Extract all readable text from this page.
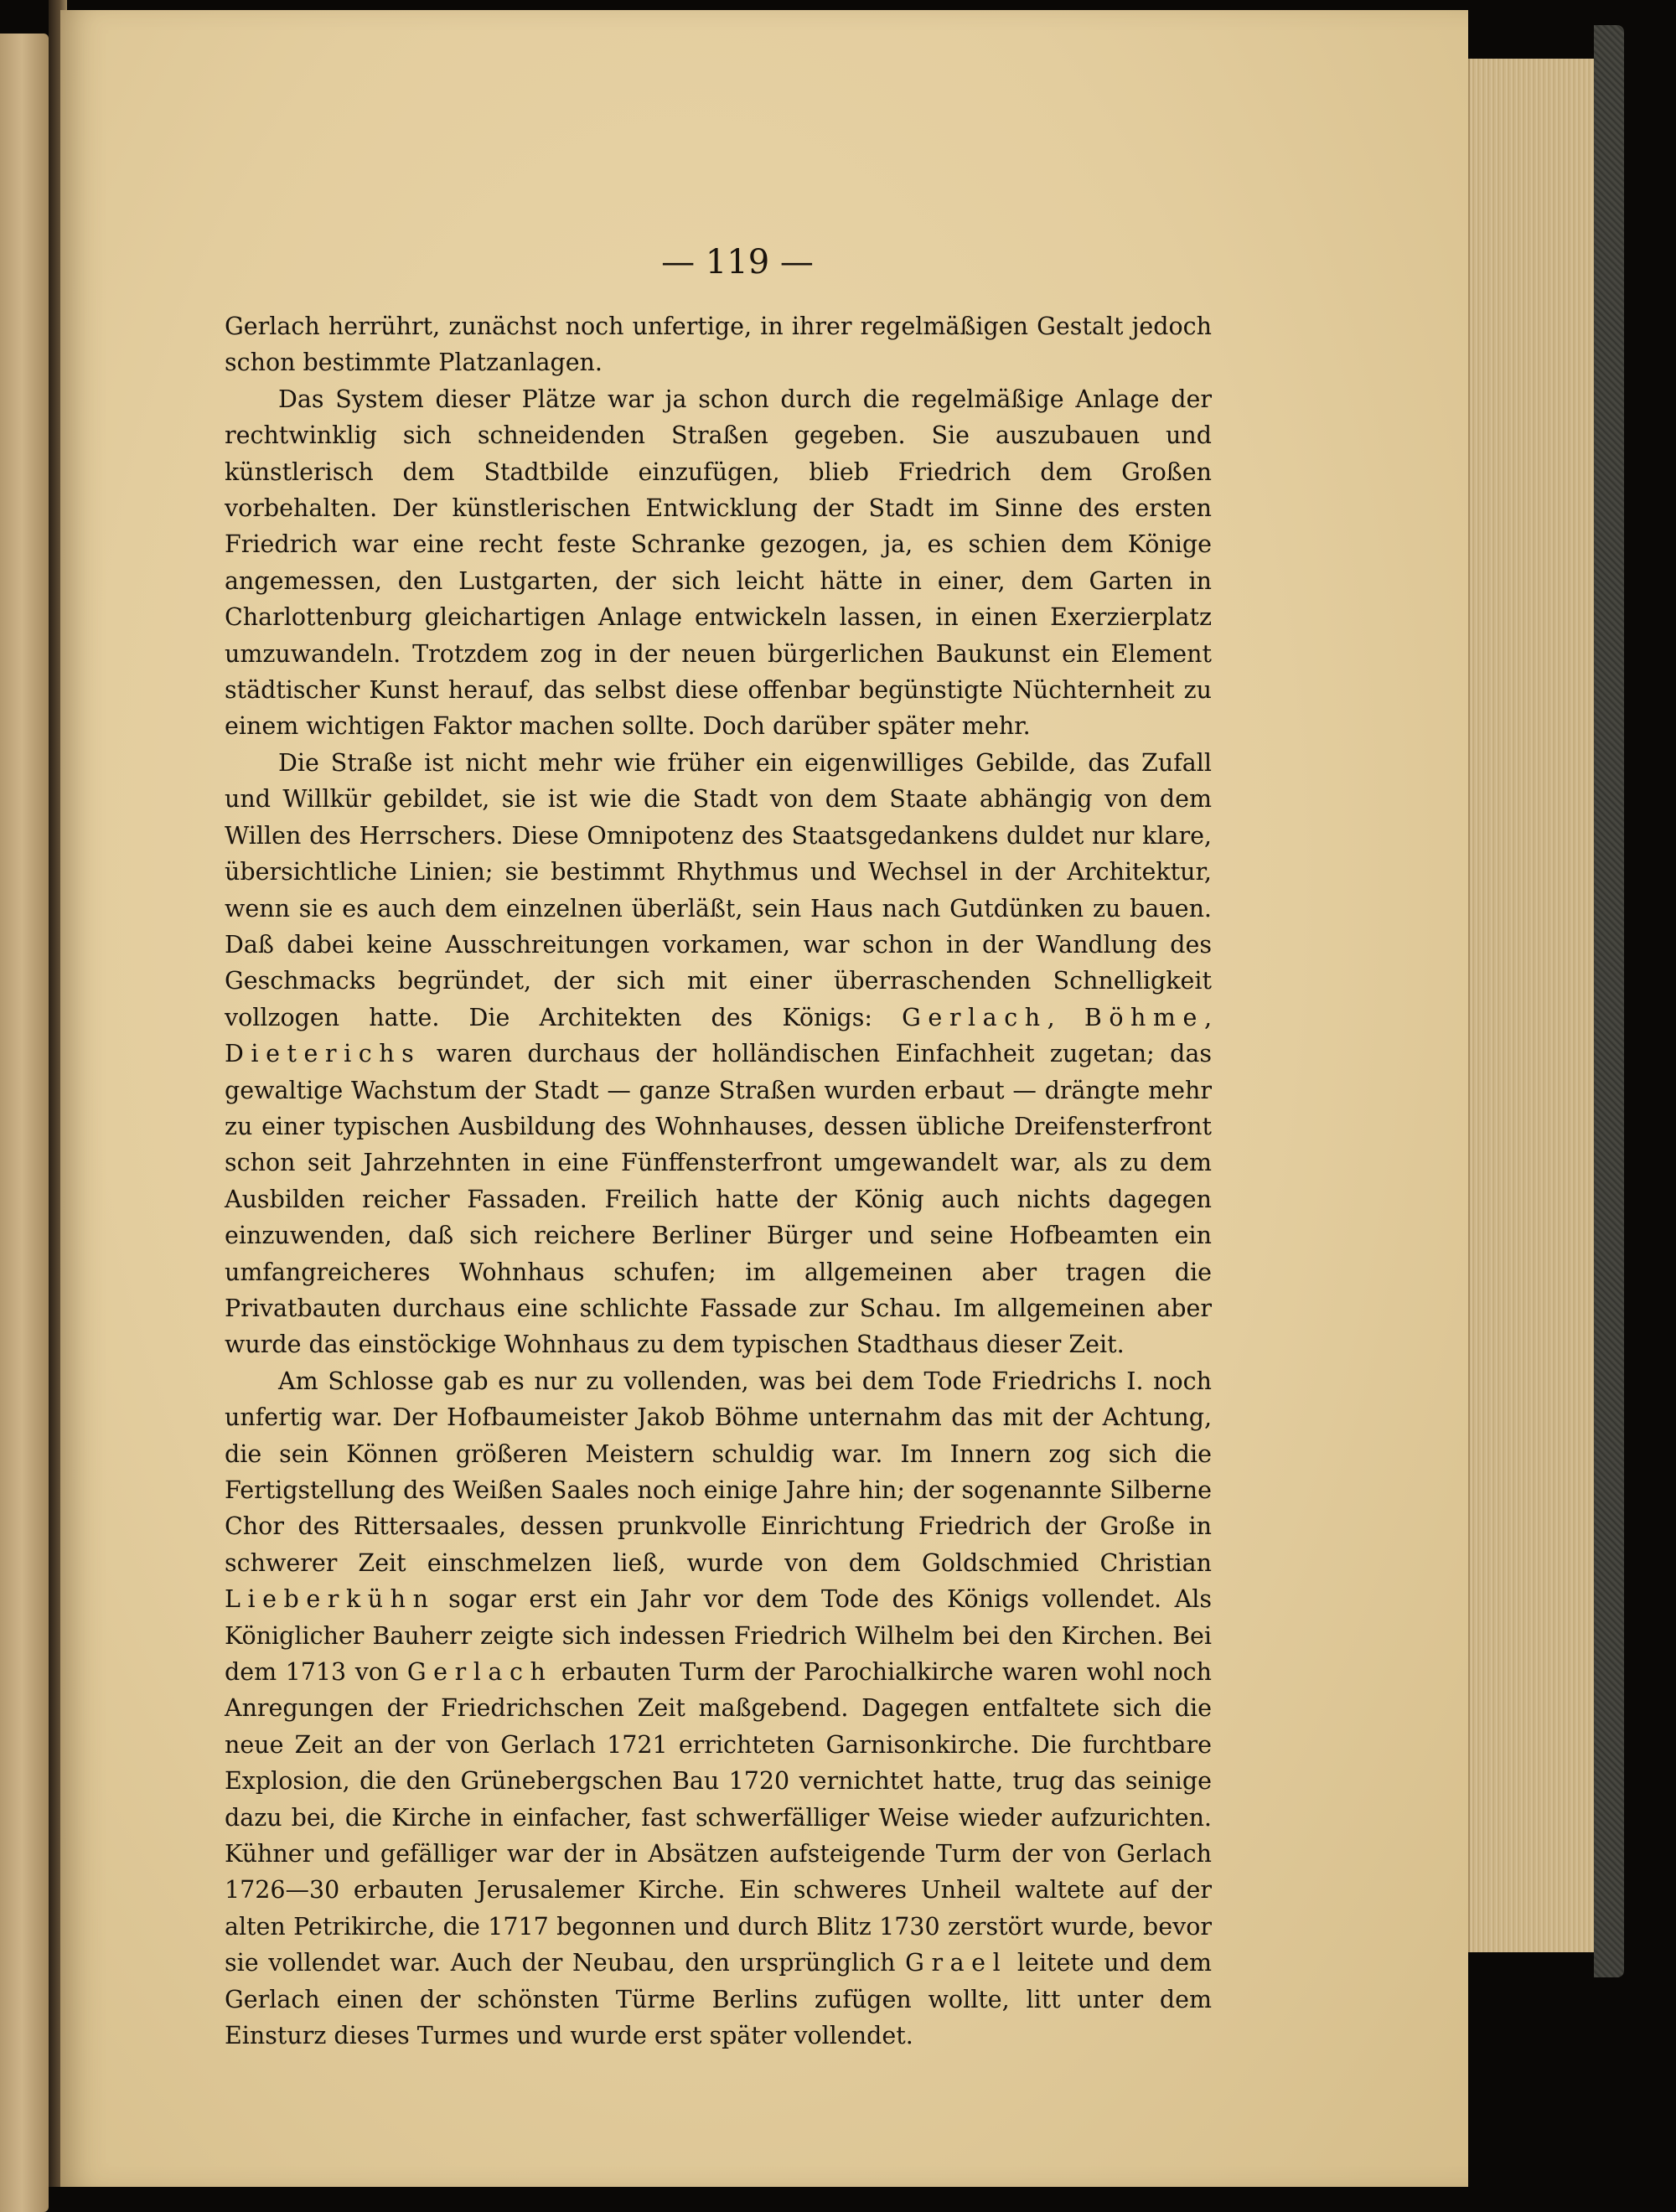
— 119 —

Gerlach herrührt, zunächst noch unfertige, in ihrer regelmäßigen Gestalt jedoch schon bestimmte Platzanlagen.

Das System dieser Plätze war ja schon durch die regelmäßige Anlage der rechtwinklig sich schneidenden Straßen gegeben. Sie auszubauen und künstlerisch dem Stadtbilde einzufügen, blieb Friedrich dem Großen vorbehalten. Der künstlerischen Entwicklung der Stadt im Sinne des ersten Friedrich war eine recht feste Schranke gezogen, ja, es schien dem Könige angemessen, den Lustgarten, der sich leicht hätte in einer, dem Garten in Charlottenburg gleichartigen Anlage entwickeln lassen, in einen Exerzierplatz umzuwandeln. Trotzdem zog in der neuen bürgerlichen Baukunst ein Element städtischer Kunst herauf, das selbst diese offenbar begünstigte Nüchternheit zu einem wichtigen Faktor machen sollte. Doch darüber später mehr.

Die Straße ist nicht mehr wie früher ein eigenwilliges Gebilde, das Zufall und Willkür gebildet, sie ist wie die Stadt von dem Staate abhängig von dem Willen des Herrschers. Diese Omnipotenz des Staatsgedankens duldet nur klare, übersichtliche Linien; sie bestimmt Rhythmus und Wechsel in der Architektur, wenn sie es auch dem einzelnen überläßt, sein Haus nach Gutdünken zu bauen. Daß dabei keine Ausschreitungen vorkamen, war schon in der Wandlung des Geschmacks begründet, der sich mit einer überraschenden Schnelligkeit vollzogen hatte. Die Architekten des Königs: Gerlach, Böhme, Dieterichs waren durchaus der holländischen Einfachheit zugetan; das gewaltige Wachstum der Stadt — ganze Straßen wurden erbaut — drängte mehr zu einer typischen Ausbildung des Wohnhauses, dessen übliche Dreifensterfront schon seit Jahrzehnten in eine Fünffensterfront umgewandelt war, als zu dem Ausbilden reicher Fassaden. Freilich hatte der König auch nichts dagegen einzuwenden, daß sich reichere Berliner Bürger und seine Hofbeamten ein umfangreicheres Wohnhaus schufen; im allgemeinen aber tragen die Privatbauten durchaus eine schlichte Fassade zur Schau. Im allgemeinen aber wurde das einstöckige Wohnhaus zu dem typischen Stadthaus dieser Zeit.

Am Schlosse gab es nur zu vollenden, was bei dem Tode Friedrichs I. noch unfertig war. Der Hofbaumeister Jakob Böhme unternahm das mit der Achtung, die sein Können größeren Meistern schuldig war. Im Innern zog sich die Fertigstellung des Weißen Saales noch einige Jahre hin; der sogenannte Silberne Chor des Rittersaales, dessen prunkvolle Einrichtung Friedrich der Große in schwerer Zeit einschmelzen ließ, wurde von dem Goldschmied Christian Lieberkühn sogar erst ein Jahr vor dem Tode des Königs vollendet. Als Königlicher Bauherr zeigte sich indessen Friedrich Wilhelm bei den Kirchen. Bei dem 1713 von Gerlach erbauten Turm der Parochialkirche waren wohl noch Anregungen der Friedrichschen Zeit maßgebend. Dagegen entfaltete sich die neue Zeit an der von Gerlach 1721 errichteten Garnisonkirche. Die furchtbare Explosion, die den Grünebergschen Bau 1720 vernichtet hatte, trug das seinige dazu bei, die Kirche in einfacher, fast schwerfälliger Weise wieder aufzurichten. Kühner und gefälliger war der in Absätzen aufsteigende Turm der von Gerlach 1726—30 erbauten Jerusalemer Kirche. Ein schweres Unheil waltete auf der alten Petrikirche, die 1717 begonnen und durch Blitz 1730 zerstört wurde, bevor sie vollendet war. Auch der Neubau, den ursprünglich Grael leitete und dem Gerlach einen der schönsten Türme Berlins zufügen wollte, litt unter dem Einsturz dieses Turmes und wurde erst später vollendet.
